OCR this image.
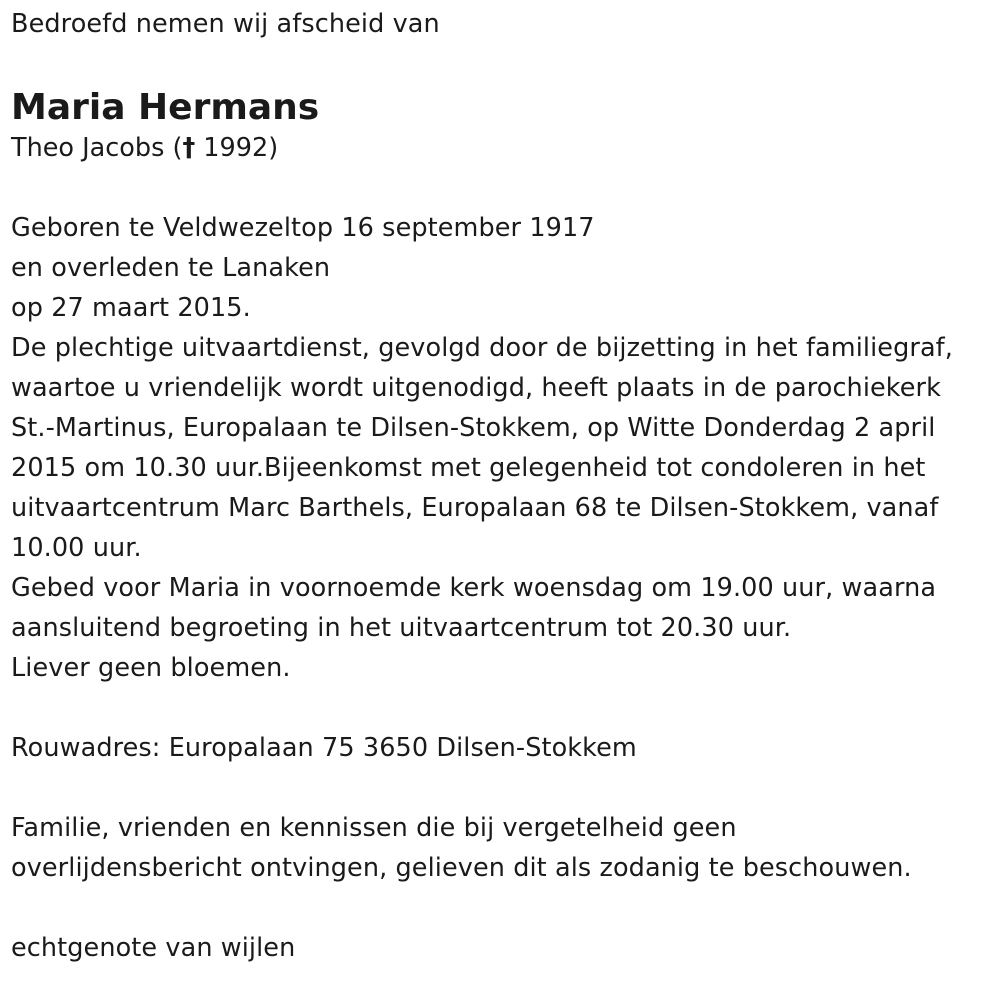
Bedroefd nemen wij afscheid van
Maria Hermans
Theo Jacobs († 1992)
Geboren te Veldwezeltop 16 september 1917
en overleden te Lanaken
op 27 maart 2015.
De plechtige uitvaartdienst, gevolgd door de bijzetting in het familiegraf,
waartoe u vriendelijk wordt uitgenodigd, heeft plaats in de parochiekerk
St.-Martinus, Europalaan te Dilsen-Stokkem, op Witte Donderdag 2 april
2015 om 10.30 uur.Bijeenkomst met gelegenheid tot condoleren in het
uitvaartcentrum Marc Barthels, Europalaan 68 te Dilsen-Stokkem, vanaf
10.00 uur.
Gebed voor Maria in voornoemde kerk woensdag om 19.00 uur, waarna
aansluitend begroeting in het uitvaartcentrum tot 20.30 uur.
Liever geen bloemen.
Rouwadres: Europalaan 75 3650 Dilsen-Stokkem
Familie, vrienden en kennissen die bij vergetelheid geen
overlijdensbericht ontvingen, gelieven dit als zodanig te beschouwen.
echtgenote van wijlen
